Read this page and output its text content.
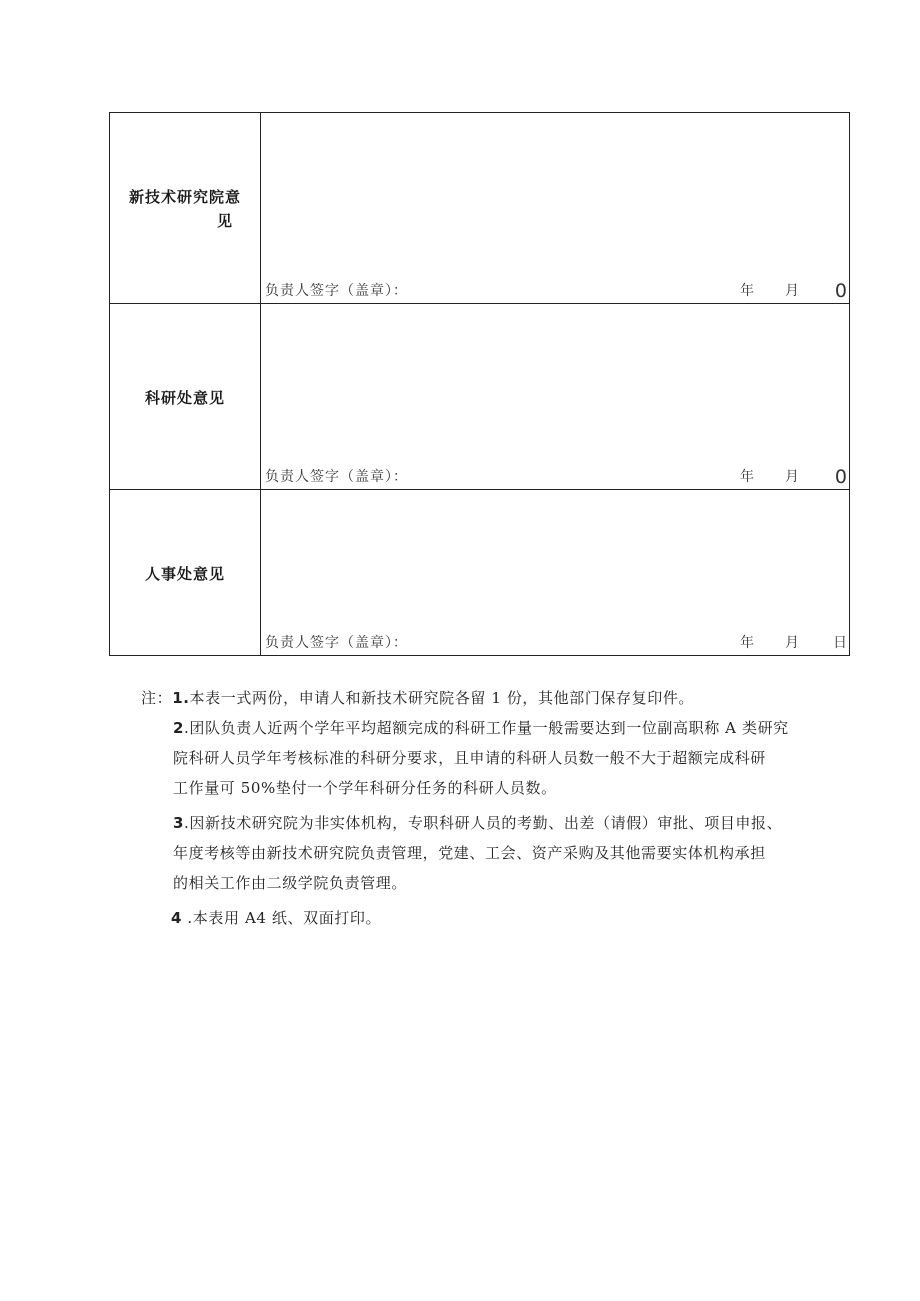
新技术研究院意
见	负责人签字（盖章）： 年 月 0

科研处意见	负责人签字（盖章）： 年 月 0

人事处意见	负责人签字（盖章）： 年 月 日
注：1.本表一式两份，申请人和新技术研究院各留 1 份，其他部门保存复印件。
2.团队负责人近两个学年平均超额完成的科研工作量一般需要达到一位副高职称 A 类研究
院科研人员学年考核标准的科研分要求，且申请的科研人员数一般不大于超额完成科研
工作量可 50%垫付一个学年科研分任务的科研人员数。
3.因新技术研究院为非实体机构，专职科研人员的考勤、出差（请假）审批、项目申报、
年度考核等由新技术研究院负责管理，党建、工会、资产采购及其他需要实体机构承担
的相关工作由二级学院负责管理。
4 .本表用 A4 纸、双面打印。
